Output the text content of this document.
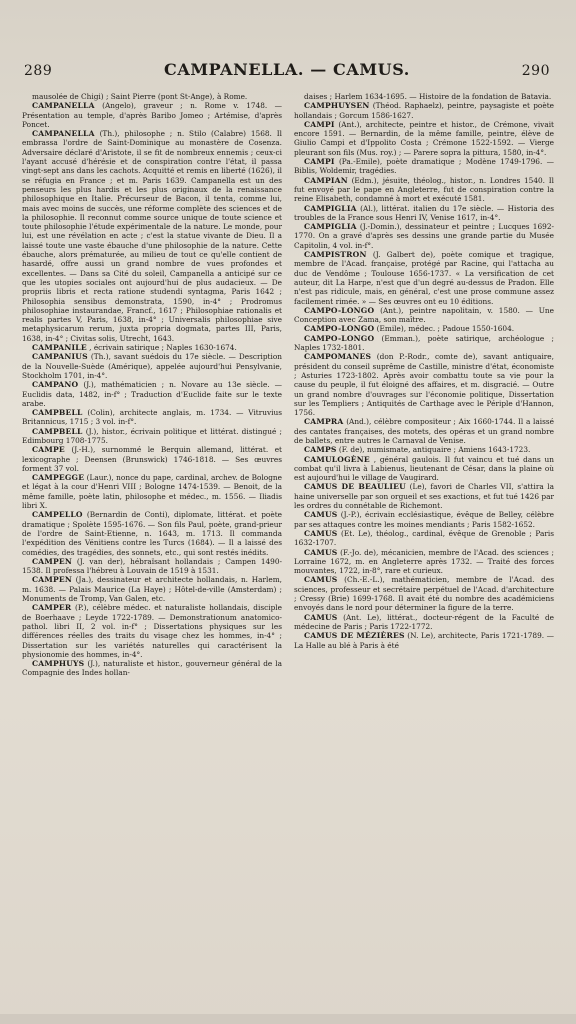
289	CAMPANELLA. — CAMUS.	290

mausolée de Chigi) ; Saint Pierre (pont St-Ange), à Rome.

CAMPANELLA (Angelo), graveur ; n. Rome v. 1748. — Présentation au temple, d'après Baribo Jomeo ; Artémise, d'après Poncet.

CAMPANELLA (Th.), philosophe ; n. Stilo (Calabre) 1568. Il embrassa l'ordre de Saint-Dominique au monastère de Cosenza. Adversaire déclaré d'Aristote, il se fit de nombreux ennemis ; ceux-ci l'ayant accusé d'hérésie et de conspiration contre l'état, il passa vingt-sept ans dans les cachots. Acquitté et remis en liberté (1626), il se réfugia en France ; et m. Paris 1639. Campanella est un des penseurs les plus hardis et les plus originaux de la renaissance philosophique en Italie. Précurseur de Bacon, il tenta, comme lui, mais avec moins de succès, une réforme complète des sciences et de la philosophie. Il reconnut comme source unique de toute science et toute philosophie l'étude expérimentale de la nature. Le monde, pour lui, est une révélation en acte ; c'est la statue vivante de Dieu. Il a laissé toute une vaste ébauche d'une philosophie de la nature. Cette ébauche, alors prématurée, au milieu de tout ce qu'elle contient de hasardé, offre aussi un grand nombre de vues profondes et excellentes. — Dans sa Cité du soleil, Campanella a anticipé sur ce que les utopies sociales ont aujourd'hui de plus audacieux. — De propriis libris et recta ratione studendi syntagma, Paris 1642 ; Philosophia sensibus demonstrata, 1590, in-4° ; Prodromus philosophiae instaurandae, Francf., 1617 ; Philosophiae rationalis et realis partes V, Paris, 1638, in-4° ; Universalis philosophiae sive metaphysicarum rerum, juxta propria dogmata, partes III, Paris, 1638, in-4° ; Civitas solis, Utrecht, 1643.

CAMPANILE , écrivain satirique ; Naples 1630-1674.

CAMPANIUS (Th.), savant suédois du 17e siècle. — Description de la Nouvelle-Suède (Amérique), appelée aujourd'hui Pensylvanie, Stockholm 1701, in-4°.

CAMPANO (J.), mathématicien ; n. Novare au 13e siècle. — Euclidis data, 1482, in-f° ; Traduction d'Euclide faite sur le texte arabe.

CAMPBELL (Colin), architecte anglais, m. 1734. — Vitruvius Britannicus, 1715 ; 3 vol. in-f°.

CAMPBELL (J.), histor., écrivain politique et littérat. distingué ; Edimbourg 1708-1775.

CAMPE (J.-H.), surnommé le Berquin allemand, littérat. et lexicographe ; Deensen (Brunswick) 1746-1818. — Ses œuvres forment 37 vol.

CAMPEGGE (Laur.), nonce du pape, cardinal, archev. de Bologne et légat à la cour d'Henri VIII ; Bologne 1474-1539. — Benoit, de la même famille, poète latin, philosophe et médec., m. 1556. — Iliadis libri X.

CAMPELLO (Bernardin de Conti), diplomate, littérat. et poète dramatique ; Spolète 1595-1676. — Son fils Paul, poète, grand-prieur de l'ordre de Saint-Etienne, n. 1643, m. 1713. Il commanda l'expédition des Vénitiens contre les Turcs (1684). — Il a laissé des comédies, des tragédies, des sonnets, etc., qui sont restés inédits.

CAMPEN (J. van der), hébraïsant hollandais ; Campen 1490-1538. Il professa l'hébreu à Louvain de 1519 à 1531.

CAMPEN (Ja.), dessinateur et architecte hollandais, n. Harlem, m. 1638. — Palais Maurice (La Haye) ; Hôtel-de-ville (Amsterdam) ; Monuments de Tromp, Van Galen, etc.

CAMPER (P.), célèbre médec. et naturaliste hollandais, disciple de Boerhaave ; Leyde 1722-1789. — Demonstrationum anatomico-pathol. libri II, 2 vol. in-f° ; Dissertations physiques sur les différences réelles des traits du visage chez les hommes, in-4° ; Dissertation sur les variétés naturelles qui caractérisent la physionomie des hommes, in-4°.

CAMPHUYS (J.), naturaliste et histor., gouverneur général de la Compagnie des Indes hollan-

daises ; Harlem 1634-1695. — Histoire de la fondation de Batavia.

CAMPHUYSEN (Théod. Raphaelz), peintre, paysagiste et poète hollandais ; Gorcum 1586-1627.

CAMPI (Ant.), architecte, peintre et histor., de Crémone, vivait encore 1591. — Bernardin, de la même famille, peintre, élève de Giulio Campi et d'Ippolito Costa ; Crémone 1522-1592. — Vierge pleurant son fils (Mus. roy.) ; — Parere sopra la pittura, 1580, in-4°.

CAMPI (Pa.-Emile), poète dramatique ; Modène 1749-1796. — Biblis, Woldemir, tragédies.

CAMPIAN (Edm.), jésuite, théolog., histor., n. Londres 1540. Il fut envoyé par le pape en Angleterre, fut de conspiration contre la reine Elisabeth, condamné à mort et exécuté 1581.

CAMPIGLIA (Al.), littérat. italien du 17e siècle. — Historia des troubles de la France sous Henri IV, Venise 1617, in-4°.

CAMPIGLIA (J.-Domin.), dessinateur et peintre ; Lucques 1692-1770. On a gravé d'après ses dessins une grande partie du Musée Capitolin, 4 vol. in-f°.

CAMPISTRON (J. Galbert de), poète comique et tragique, membre de l'Acad. française, protégé par Racine, qui l'attacha au duc de Vendôme ; Toulouse 1656-1737. « La versification de cet auteur, dit La Harpe, n'est que d'un degré au-dessus de Pradon. Elle n'est pas ridicule, mais, en général, c'est une prose commune assez facilement rimée. » — Ses œuvres ont eu 10 éditions.

CAMPO-LONGO (Ant.), peintre napolitain, v. 1580. — Une Conception avec Zama, son maître.

CAMPO-LONGO (Emile), médec. ; Padoue 1550-1604.

CAMPO-LONGO (Emman.), poète satirique, archéologue ; Naples 1732-1801.

CAMPOMANES (don P.-Rodr., comte de), savant antiquaire, président du conseil suprême de Castille, ministre d'état, économiste ; Asturies 1723-1802. Après avoir combattu toute sa vie pour la cause du peuple, il fut éloigné des affaires, et m. disgracié. — Outre un grand nombre d'ouvrages sur l'économie politique, Dissertation sur les Templiers ; Antiquités de Carthage avec le Périple d'Hannon, 1756.

CAMPRA (And.), célèbre compositeur ; Aix 1660-1744. Il a laissé des cantates françaises, des motets, des opéras et un grand nombre de ballets, entre autres le Carnaval de Venise.

CAMPS (F. de), numismate, antiquaire ; Amiens 1643-1723.

CAMULOGÈNE , général gaulois. Il fut vaincu et tué dans un combat qu'il livra à Labienus, lieutenant de César, dans la plaine où est aujourd'hui le village de Vaugirard.

CAMUS DE BEAULIEU (Le), favori de Charles VII, s'attira la haine universelle par son orgueil et ses exactions, et fut tué 1426 par les ordres du connétable de Richemont.

CAMUS (J.-P.), écrivain ecclésiastique, évêque de Belley, célèbre par ses attaques contre les moines mendiants ; Paris 1582-1652.

CAMUS (Et. Le), théolog., cardinal, évêque de Grenoble ; Paris 1632-1707.

CAMUS (F.-Jo. de), mécanicien, membre de l'Acad. des sciences ; Lorraine 1672, m. en Angleterre après 1732. — Traité des forces mouvantes, 1722, in-8°, rare et curieux.

CAMUS (Ch.-E.-L.), mathématicien, membre de l'Acad. des sciences, professeur et secrétaire perpétuel de l'Acad. d'architecture ; Cressy (Brie) 1699-1768. Il avait été du nombre des académiciens envoyés dans le nord pour déterminer la figure de la terre.

CAMUS (Ant. Le), littérat., docteur-régent de la Faculté de médecine de Paris ; Paris 1722-1772.

CAMUS DE MÉZIÈRES (N. Le), architecte, Paris 1721-1789. — La Halle au blé à Paris à été
